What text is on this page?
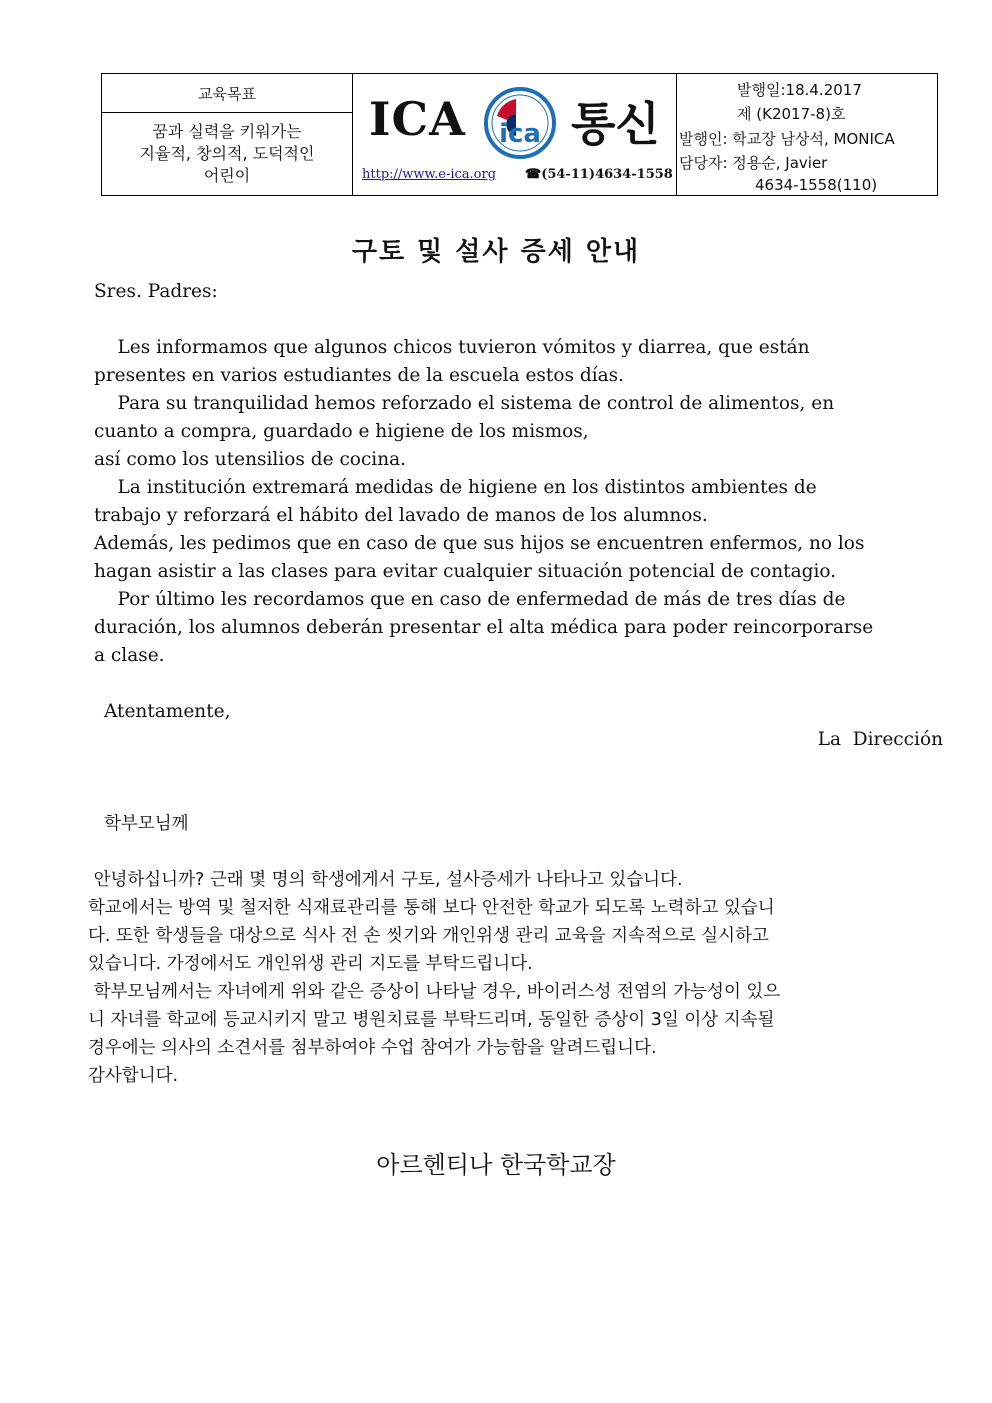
교육목표
꿈과 실력을 키워가는
지율적, 창의적, 도덕적인
어린이
ICA ica 통신
http://www.e-ica.org ☎(54-11)4634-1558
발행일:18.4.2017
제 (K2017-8)호
발행인: 학교장 남상석, MONICA
담당자: 정용순, Javier
4634-1558(110)
구토 및 설사 증세 안내
Sres. Padres:
Les informamos que algunos chicos tuvieron vómitos y diarrea, que están
presentes en varios estudiantes de la escuela estos días.
Para su tranquilidad hemos reforzado el sistema de control de alimentos, en
cuanto a compra, guardado e higiene de los mismos,
así como los utensilios de cocina.
La institución extremará medidas de higiene en los distintos ambientes de
trabajo y reforzará el hábito del lavado de manos de los alumnos.
Además, les pedimos que en caso de que sus hijos se encuentren enfermos, no los
hagan asistir a las clases para evitar cualquier situación potencial de contagio.
Por último les recordamos que en caso de enfermedad de más de tres días de
duración, los alumnos deberán presentar el alta médica para poder reincorporarse
a clase.
Atentamente,
La  Dirección
학부모님께
안녕하십니까? 근래 몇 명의 학생에게서 구토, 설사증세가 나타나고 있습니다.
학교에서는 방역 및 철저한 식재료관리를 통해 보다 안전한 학교가 되도록 노력하고 있습니
다. 또한 학생들을 대상으로 식사 전 손 씻기와 개인위생 관리 교육을 지속적으로 실시하고
있습니다. 가정에서도 개인위생 관리 지도를 부탁드립니다.
학부모님께서는 자녀에게 위와 같은 증상이 나타날 경우, 바이러스성 전염의 가능성이 있으
니 자녀를 학교에 등교시키지 말고 병원치료를 부탁드리며, 동일한 증상이 3일 이상 지속될
경우에는 의사의 소견서를 첨부하여야 수업 참여가 가능함을 알려드립니다.
감사합니다.
아르헨티나 한국학교장
